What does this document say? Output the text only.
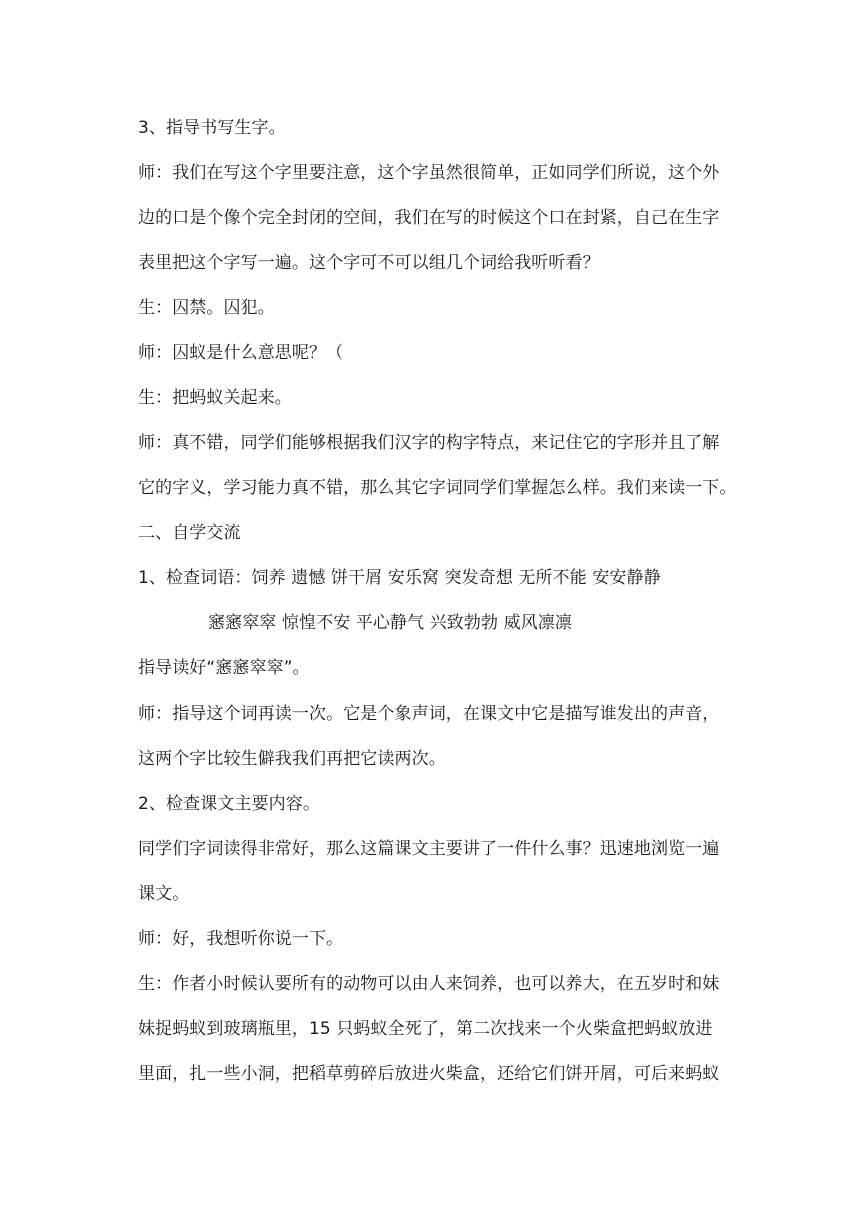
3、指导书写生字。
师：我们在写这个字里要注意，这个字虽然很简单，正如同学们所说，这个外
边的口是个像个完全封闭的空间，我们在写的时候这个口在封紧，自己在生字
表里把这个字写一遍。这个字可不可以组几个词给我听听看？
生：囚禁。囚犯。
师：囚蚁是什么意思呢？（
生：把蚂蚁关起来。
师：真不错，同学们能够根据我们汉字的构字特点，来记住它的字形并且了解
它的字义，学习能力真不错，那么其它字词同学们掌握怎么样。我们来读一下。
二、自学交流
1、检查词语：饲养 遗憾 饼干屑 安乐窝 突发奇想 无所不能 安安静静
窸窸窣窣 惊惶不安 平心静气 兴致勃勃 威风凛凛
指导读好“窸窸窣窣”。
师：指导这个词再读一次。它是个象声词，在课文中它是描写谁发出的声音，
这两个字比较生僻我我们再把它读两次。
2、检查课文主要内容。
同学们字词读得非常好，那么这篇课文主要讲了一件什么事？迅速地浏览一遍
课文。
师：好，我想听你说一下。
生：作者小时候认要所有的动物可以由人来饲养，也可以养大，在五岁时和妹
妹捉蚂蚁到玻璃瓶里，15 只蚂蚁全死了，第二次找来一个火柴盒把蚂蚁放进
里面，扎一些小洞，把稻草剪碎后放进火柴盒，还给它们饼开屑，可后来蚂蚁
